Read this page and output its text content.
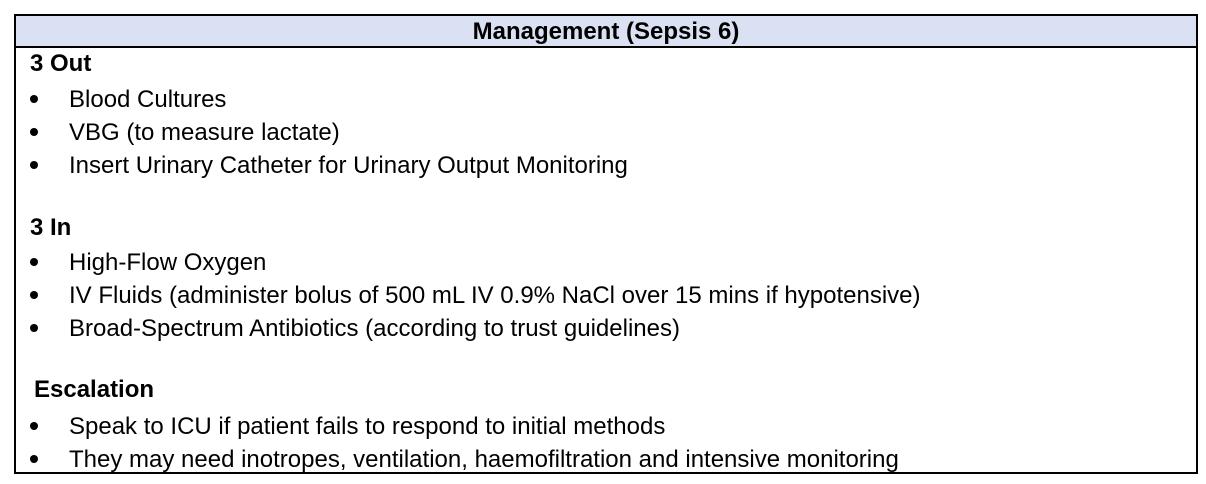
Management (Sepsis 6)
3 Out
Blood Cultures
VBG (to measure lactate)
Insert Urinary Catheter for Urinary Output Monitoring
3 In
High-Flow Oxygen
IV Fluids (administer bolus of 500 mL IV 0.9% NaCl over 15 mins if hypotensive)
Broad-Spectrum Antibiotics (according to trust guidelines)
Escalation
Speak to ICU if patient fails to respond to initial methods
They may need inotropes, ventilation, haemofiltration and intensive monitoring
